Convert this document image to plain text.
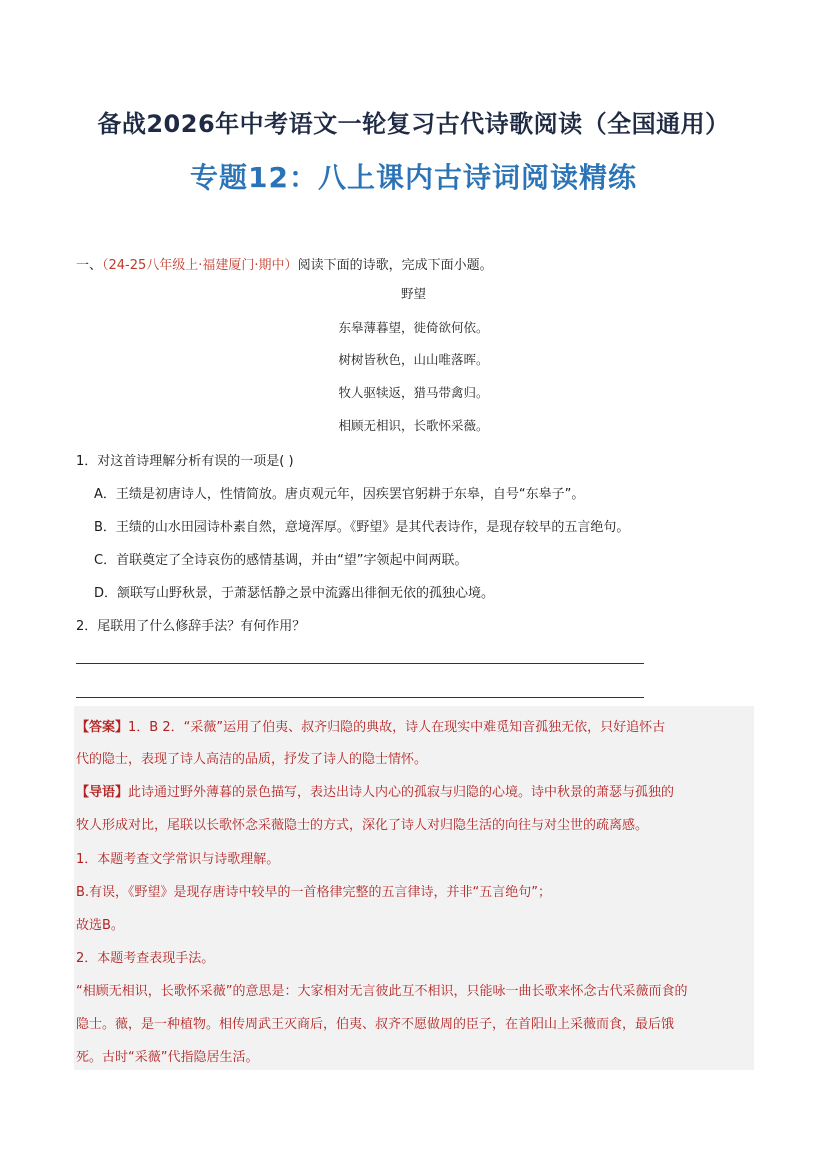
备战2026年中考语文一轮复习古代诗歌阅读（全国通用）
专题12：八上课内古诗词阅读精练
一、（24-25八年级上·福建厦门·期中）阅读下面的诗歌，完成下面小题。
野望
东皋薄暮望，徙倚欲何依。
树树皆秋色，山山唯落晖。
牧人驱犊返，猎马带禽归。
相顾无相识，长歌怀采薇。
1．对这首诗理解分析有误的一项是( )
A．王绩是初唐诗人，性情简放。唐贞观元年，因疾罢官躬耕于东皋，自号“东皋子”。
B．王绩的山水田园诗朴素自然，意境浑厚。《野望》是其代表诗作，是现存较早的五言绝句。
C．首联奠定了全诗哀伤的感情基调，并由“望”字领起中间两联。
D．颔联写山野秋景，于萧瑟恬静之景中流露出徘徊无依的孤独心境。
2．尾联用了什么修辞手法？有何作用？
【答案】1．B 2．“采薇”运用了伯夷、叔齐归隐的典故，诗人在现实中难觅知音孤独无依，只好追怀古
代的隐士，表现了诗人高洁的品质，抒发了诗人的隐士情怀。
【导语】此诗通过野外薄暮的景色描写，表达出诗人内心的孤寂与归隐的心境。诗中秋景的萧瑟与孤独的
牧人形成对比，尾联以长歌怀念采薇隐士的方式，深化了诗人对归隐生活的向往与对尘世的疏离感。
1．本题考查文学常识与诗歌理解。
B.有误，《野望》是现存唐诗中较早的一首格律完整的五言律诗，并非“五言绝句”；
故选B。
2．本题考查表现手法。
“相顾无相识，长歌怀采薇”的意思是：大家相对无言彼此互不相识，只能咏一曲长歌来怀念古代采薇而食的
隐士。薇，是一种植物。相传周武王灭商后，伯夷、叔齐不愿做周的臣子，在首阳山上采薇而食，最后饿
死。古时“采薇”代指隐居生活。
